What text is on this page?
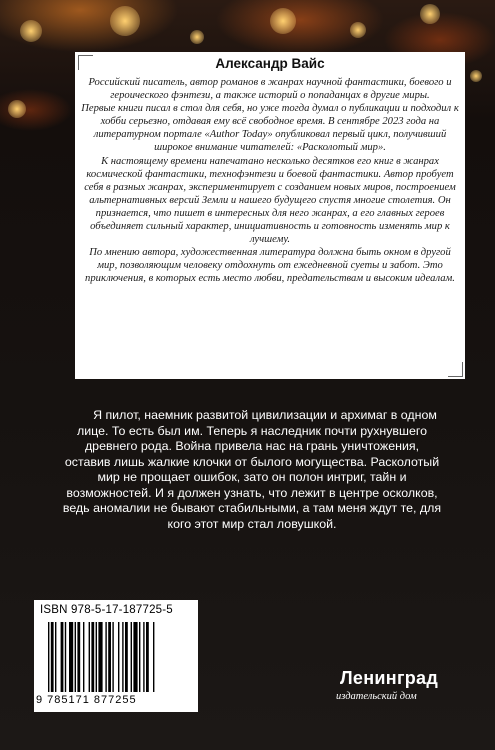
Александр Вайс

Российский писатель, автор романов в жанрах научной фантастики, боевого и героического фэнтези, а также историй о попаданцах в другие миры.

Первые книги писал в стол для себя, но уже тогда думал о публикации и подходил к хобби серьезно, отдавая ему всё свободное время. В сентябре 2023 года на литературном портале «Author Today» опубликовал первый цикл, получивший широкое внимание читателей: «Расколотый мир».

К настоящему времени напечатано несколько десятков его книг в жанрах космической фантастики, технофэнтези и боевой фантастики. Автор пробует себя в разных жанрах, экспериментирует с созданием новых миров, построением альтернативных версий Земли и нашего будущего спустя многие столетия. Он признается, что пишет в интересных для него жанрах, а его главных героев объединяет сильный характер, инициативность и готовность изменять мир к лучшему.

По мнению автора, художественная литература должна быть окном в другой мир, позволяющим человеку отдохнуть от ежедневной суеты и забот. Это приключения, в которых есть место любви, предательствам и высоким идеалам.

Я пилот, наемник развитой цивилизации и архимаг в одном лице. То есть был им. Теперь я наследник почти рухнувшего древнего рода. Война привела нас на грань уничтожения, оставив лишь жалкие клочки от былого могущества. Расколотый мир не прощает ошибок, зато он полон интриг, тайн и возможностей. И я должен узнать, что лежит в центре осколков, ведь аномалии не бывают стабильными, а там меня ждут те, для кого этот мир стал ловушкой.

ISBN 978-5-17-187725-5
9 785171 877255
Ленинград
издательский дом
